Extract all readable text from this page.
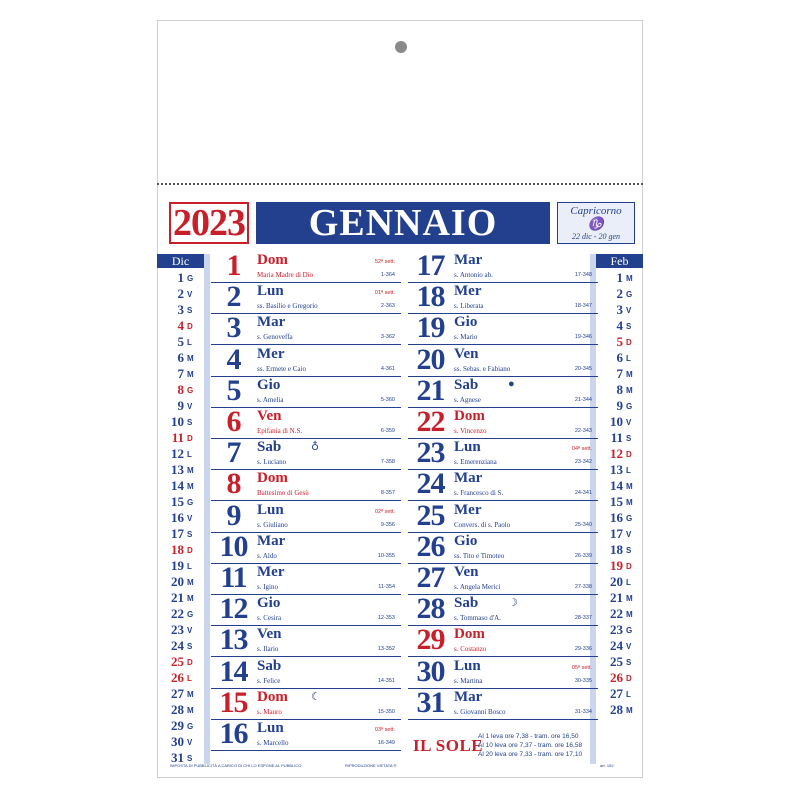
2023	GENNAIO	Capricorno
♑
22 dic - 20 gen
Dic
1 G
2 V
3 S
4 D
5 L
6 M
7 M
8 G
9 V
10 S
11 D
12 L
13 M
14 M
15 G
16 V
17 S
18 D
19 L
20 M
21 M
22 G
23 V
24 S
25 D
26 L
27 M
28 M
29 G
30 V
31 S
Feb
1 M
2 G
3 V
4 S
5 D
6 L
7 M
8 M
9 G
10 V
11 S
12 D
13 L
14 M
15 M
16 G
17 V
18 S
19 D
20 L
21 M
22 M
23 G
24 V
25 S
26 D
27 L
28 M
1	Dom
Maria Madre di Dio	1-364
52ª sett.
2	Lun
ss. Basilio e Gregorio	2-363
01ª sett.
3	Mar
s. Genoveffa	3-362
4	Mer
ss. Ermete e Caio	4-361
5	Gio
s. Amelia	5-360
6	Ven
Epifania di N.S.	6-359
7	Sab
s. Luciano	7-358
♁
8	Dom
Battesimo di Gesù	8-357
9	Lun
s. Giuliano	9-356
02ª sett.
10 Mar
s. Aldo	10-355
11 Mer
s. Igino	11-354
12 Gio
s. Cesira	12-353
13 Ven
s. Ilario	13-352
14 Sab
s. Felice	14-351
15 Dom
s. Mauro	15-350
☾
16 Lun
s. Marcello	16-349
03ª sett.
17 Mar
s. Antonio ab.	17-348
18 Mer
s. Liberata	18-347
19 Gio
s. Mario	19-346
20 Ven
ss. Sebas. e Fabiano	20-345
21 Sab
s. Agnese	21-344
●
22 Dom
s. Vincenzo	22-343
23 Lun
s. Emerenziana	23-342
04ª sett.
24 Mar
s. Francesco di S.	24-341
25 Mer
Convers. di s. Paolo	25-340
26 Gio
ss. Tito e Timoteo	26-339
27 Ven
s. Angela Merici	27-338
28 Sab
s. Tommaso d'A.	28-337
☽
29 Dom
s. Costanzo	29-336
30 Lun
s. Martina	30-335
05ª sett.
31 Mar
s. Giovanni Bosco	31-334
IL SOLE
Al 1 leva ore 7,38 - tram. ore 16,50
Al 10 leva ore 7,37 - tram. ore 16,58
Al 20 leva ore 7,33 - tram. ore 17,10
IMPOSTA DI PUBBLICITÀ A CARICO DI CHI LO ESPONE AL PUBBLICO	RIPRODUZIONE VIETATA ®	art. 152
